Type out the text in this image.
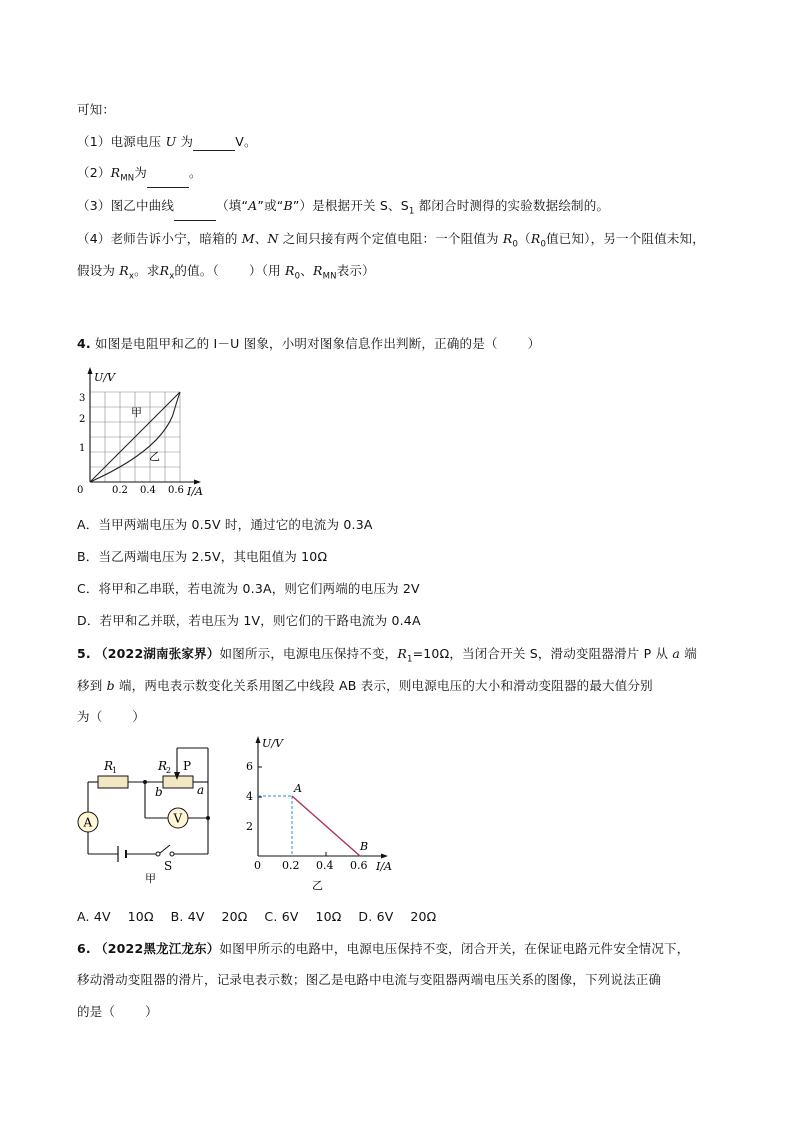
可知：
（1）电源电压 U 为	V。
$(2)R_{MN}$为	。
（3）图乙中曲线	（填“A”或“B”）是根据开关 S、$S_1$ 都闭合时测得的实验数据绘制的。
（4）老师告诉小宁，暗箱的 M、N 之间只接有两个定值电阻：一个阻值为 $R_0(R_0$值已知），另一个阻值未知，
假设为 $R_x$。求$R_x$的值。（ ）（用 $R_0$、$R_{MN}$表示）
4. 如图是电阻甲和乙的 I－U 图象，小明对图象信息作出判断，正确的是（ ）
U/V
I/A
0
1
2
3
0.2 0.4 0.6
甲
乙
A．当甲两端电压为 0.5V 时，通过它的电流为 0.3A
B．当乙两端电压为 2.5V，其电阻值为 10Ω
C．将甲和乙串联，若电流为 0.3A，则它们两端的电压为 2V
D．若甲和乙并联，若电压为 1V，则它们的干路电流为 0.4A
5. （2022湖南张家界）如图所示，电源电压保持不变，$R_1=10\Omega$，当闭合开关 S，滑动变阻器滑片 P 从 a 端
移到 b 端，两电表示数变化关系用图乙中线段 AB 表示，则电源电压的大小和滑动变阻器的最大值分别
为（ ）
A	V
R
1	R
2 P
b	a
S
甲
U/V
I/A
0
2
4
6
0.2 0.4 0.6
A
B
乙
A. 4V　 10Ω　 B. 4V　 20Ω　 C. 6V　 10Ω　 D. 6V　 20Ω
6. （2022黑龙江龙东）如图甲所示的电路中，电源电压保持不变，闭合开关，在保证电路元件安全情况下，
移动滑动变阻器的滑片，记录电表示数；图乙是电路中电流与变阻器两端电压关系的图像，下列说法正确
的是（ ）
